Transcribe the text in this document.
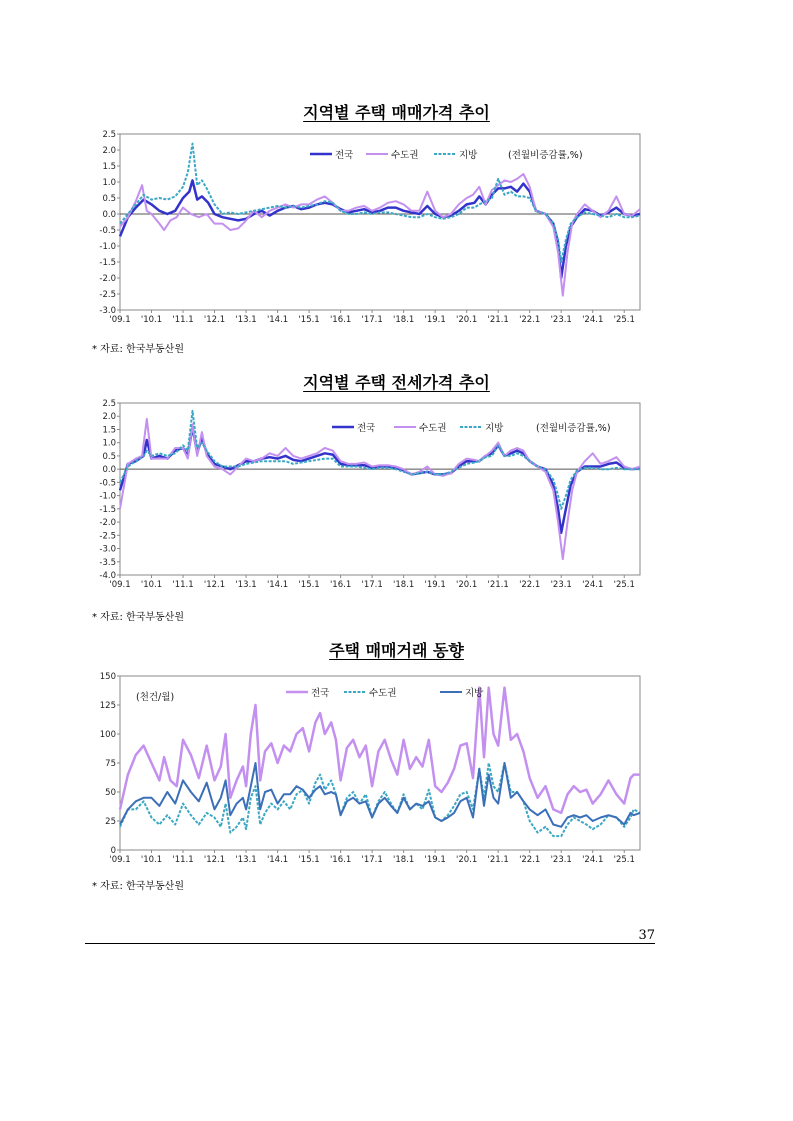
지역별 주택 매매가격 추이
2.5
2.0
1.5
1.0
0.5
0.0
-0.5
-1.0
-1.5
-2.0
-2.5
-3.0
'09.1 '10.1 '11.1 '12.1 '13.1 '14.1 '15.1 '16.1 '17.1 '18.1 '19.1 '20.1 '21.1 '22.1 '23.1 '24.1 '25.1
전국	수도권	지방	(전월비증감률,%)
* 자료: 한국부동산원
지역별 주택 전세가격 추이
2.5
2.0
1.5
1.0
0.5
0.0
-0.5
-1.0
-1.5
-2.0
-2.5
-3.0
-3.5
-4.0
'09.1 '10.1 '11.1 '12.1 '13.1 '14.1 '15.1 '16.1 '17.1 '18.1 '19.1 '20.1 '21.1 '22.1 '23.1 '24.1 '25.1
전국	수도권	지방	(전월비증감률,%)
* 자료: 한국부동산원
주택 매매거래 동향
150
125
100
75
50
25
0
'09.1 '10.1 '11.1 '12.1 '13.1 '14.1 '15.1 '16.1 '17.1 '18.1 '19.1 '20.1 '21.1 '22.1 '23.1 '24.1 '25.1
전국	수도권	지방
(천건/월)
* 자료: 한국부동산원
37
